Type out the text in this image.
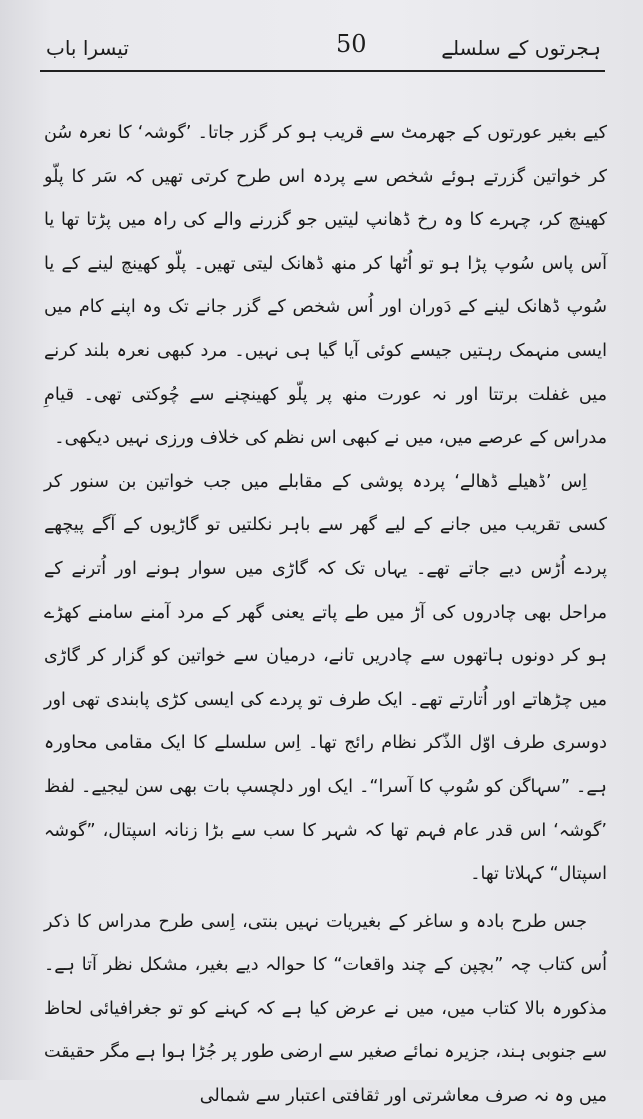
تیسرا باب	50	ہجرتوں کے سلسلے

کیے بغیر عورتوں کے جھرمٹ سے قریب ہو کر گزر جاتا۔ ’گوشہ‘ کا نعرہ سُن کر خواتین گزرتے ہوئے شخص سے پردہ اس طرح کرتی تھیں کہ سَر کا پلّو کھینچ کر، چہرے کا وہ رخ ڈھانپ لیتیں جو گزرنے والے کی راہ میں پڑتا تھا یا آس پاس سُوپ پڑا ہو تو اُٹھا کر منھ ڈھانک لیتی تھیں۔ پلّو کھینچ لینے کے یا سُوپ ڈھانک لینے کے دَوران اور اُس شخص کے گزر جانے تک وہ اپنے کام میں ایسی منہمک رہتیں جیسے کوئی آیا گیا ہی نہیں۔ مرد کبھی نعرہ بلند کرنے میں غفلت برتتا اور نہ عورت منھ پر پلّو کھینچنے سے چُوکتی تھی۔ قیامِ مدراس کے عرصے میں، میں نے کبھی اس نظم کی خلاف ورزی نہیں دیکھی۔

اِس ’ڈھیلے ڈھالے‘ پردہ پوشی کے مقابلے میں جب خواتین بن سنور کر کسی تقریب میں جانے کے لیے گھر سے باہر نکلتیں تو گاڑیوں کے آگے پیچھے پردے اُڑس دیے جاتے تھے۔ یہاں تک کہ گاڑی میں سوار ہونے اور اُترنے کے مراحل بھی چادروں کی آڑ میں طے پاتے یعنی گھر کے مرد آمنے سامنے کھڑے ہو کر دونوں ہاتھوں سے چادریں تانے، درمیان سے خواتین کو گزار کر گاڑی میں چڑھاتے اور اُتارتے تھے۔ ایک طرف تو پردے کی ایسی کڑی پابندی تھی اور دوسری طرف اوّل الذّکر نظام رائج تھا۔ اِس سلسلے کا ایک مقامی محاورہ ہے۔ ”سہاگن کو سُوپ کا آسرا“۔ ایک اور دلچسپ بات بھی سن لیجیے۔ لفظ ’گوشہ‘ اس قدر عام فہم تھا کہ شہر کا سب سے بڑا زنانہ اسپتال، ”گوشہ اسپتال“ کہلاتا تھا۔

جس طرح بادہ و ساغر کے بغیریات نہیں بنتی، اِسی طرح مدراس کا ذکر اُس کتاب چہ ”بچپن کے چند واقعات“ کا حوالہ دیے بغیر، مشکل نظر آتا ہے۔ مذکورہ بالا کتاب میں، میں نے عرض کیا ہے کہ کہنے کو تو جغرافیائی لحاظ سے جنوبی ہند، جزیرہ نمائے صغیر سے ارضی طور پر جُڑا ہوا ہے مگر حقیقت میں وہ نہ صرف معاشرتی اور ثقافتی اعتبار سے شمالی
